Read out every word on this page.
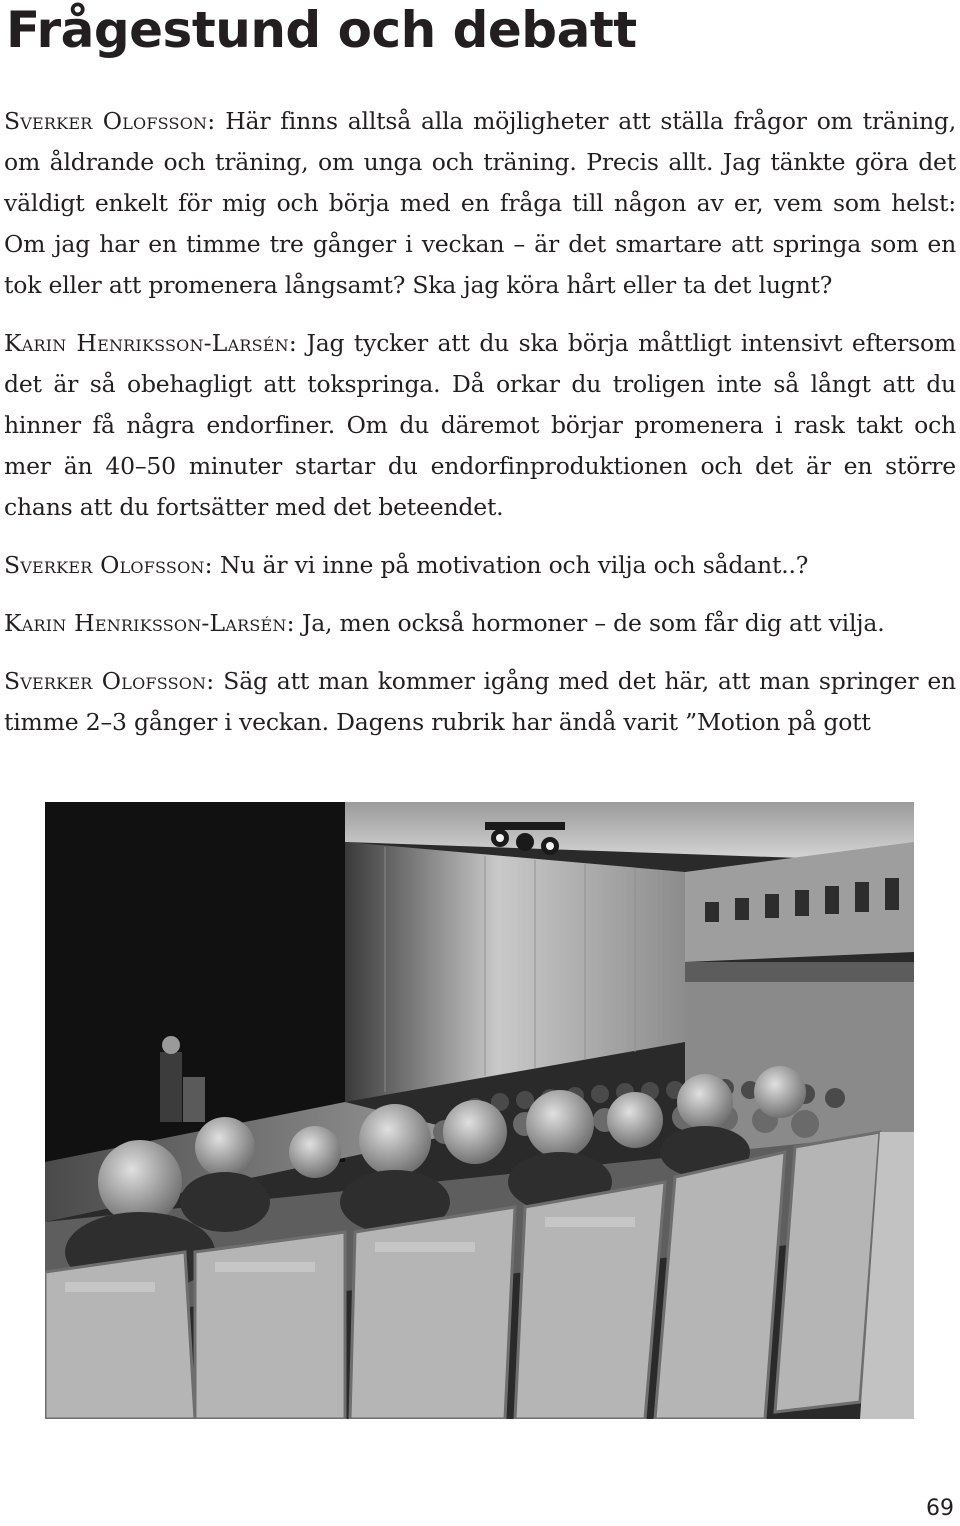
Frågestund och debatt

Sverker Olofsson: Här finns alltså alla möjligheter att ställa frågor om träning, om åldrande och träning, om unga och träning. Precis allt. Jag tänkte göra det väldigt enkelt för mig och börja med en fråga till någon av er, vem som helst: Om jag har en timme tre gånger i veckan – är det smartare att springa som en tok eller att promenera långsamt? Ska jag köra hårt eller ta det lugnt?

Karin Henriksson-Larsén: Jag tycker att du ska börja måttligt intensivt eftersom det är så obehagligt att tokspringa. Då orkar du troligen inte så långt att du hinner få några endorfiner. Om du däremot börjar promenera i rask takt och mer än 40–50 minuter startar du endorfinproduktionen och det är en större chans att du fortsätter med det beteendet.

Sverker Olofsson: Nu är vi inne på motivation och vilja och sådant..?

Karin Henriksson-Larsén: Ja, men också hormoner – de som får dig att vilja.

Sverker Olofsson: Säg att man kommer igång med det här, att man springer en timme 2–3 gånger i veckan. Dagens rubrik har ändå varit ”Motion på gott

69
